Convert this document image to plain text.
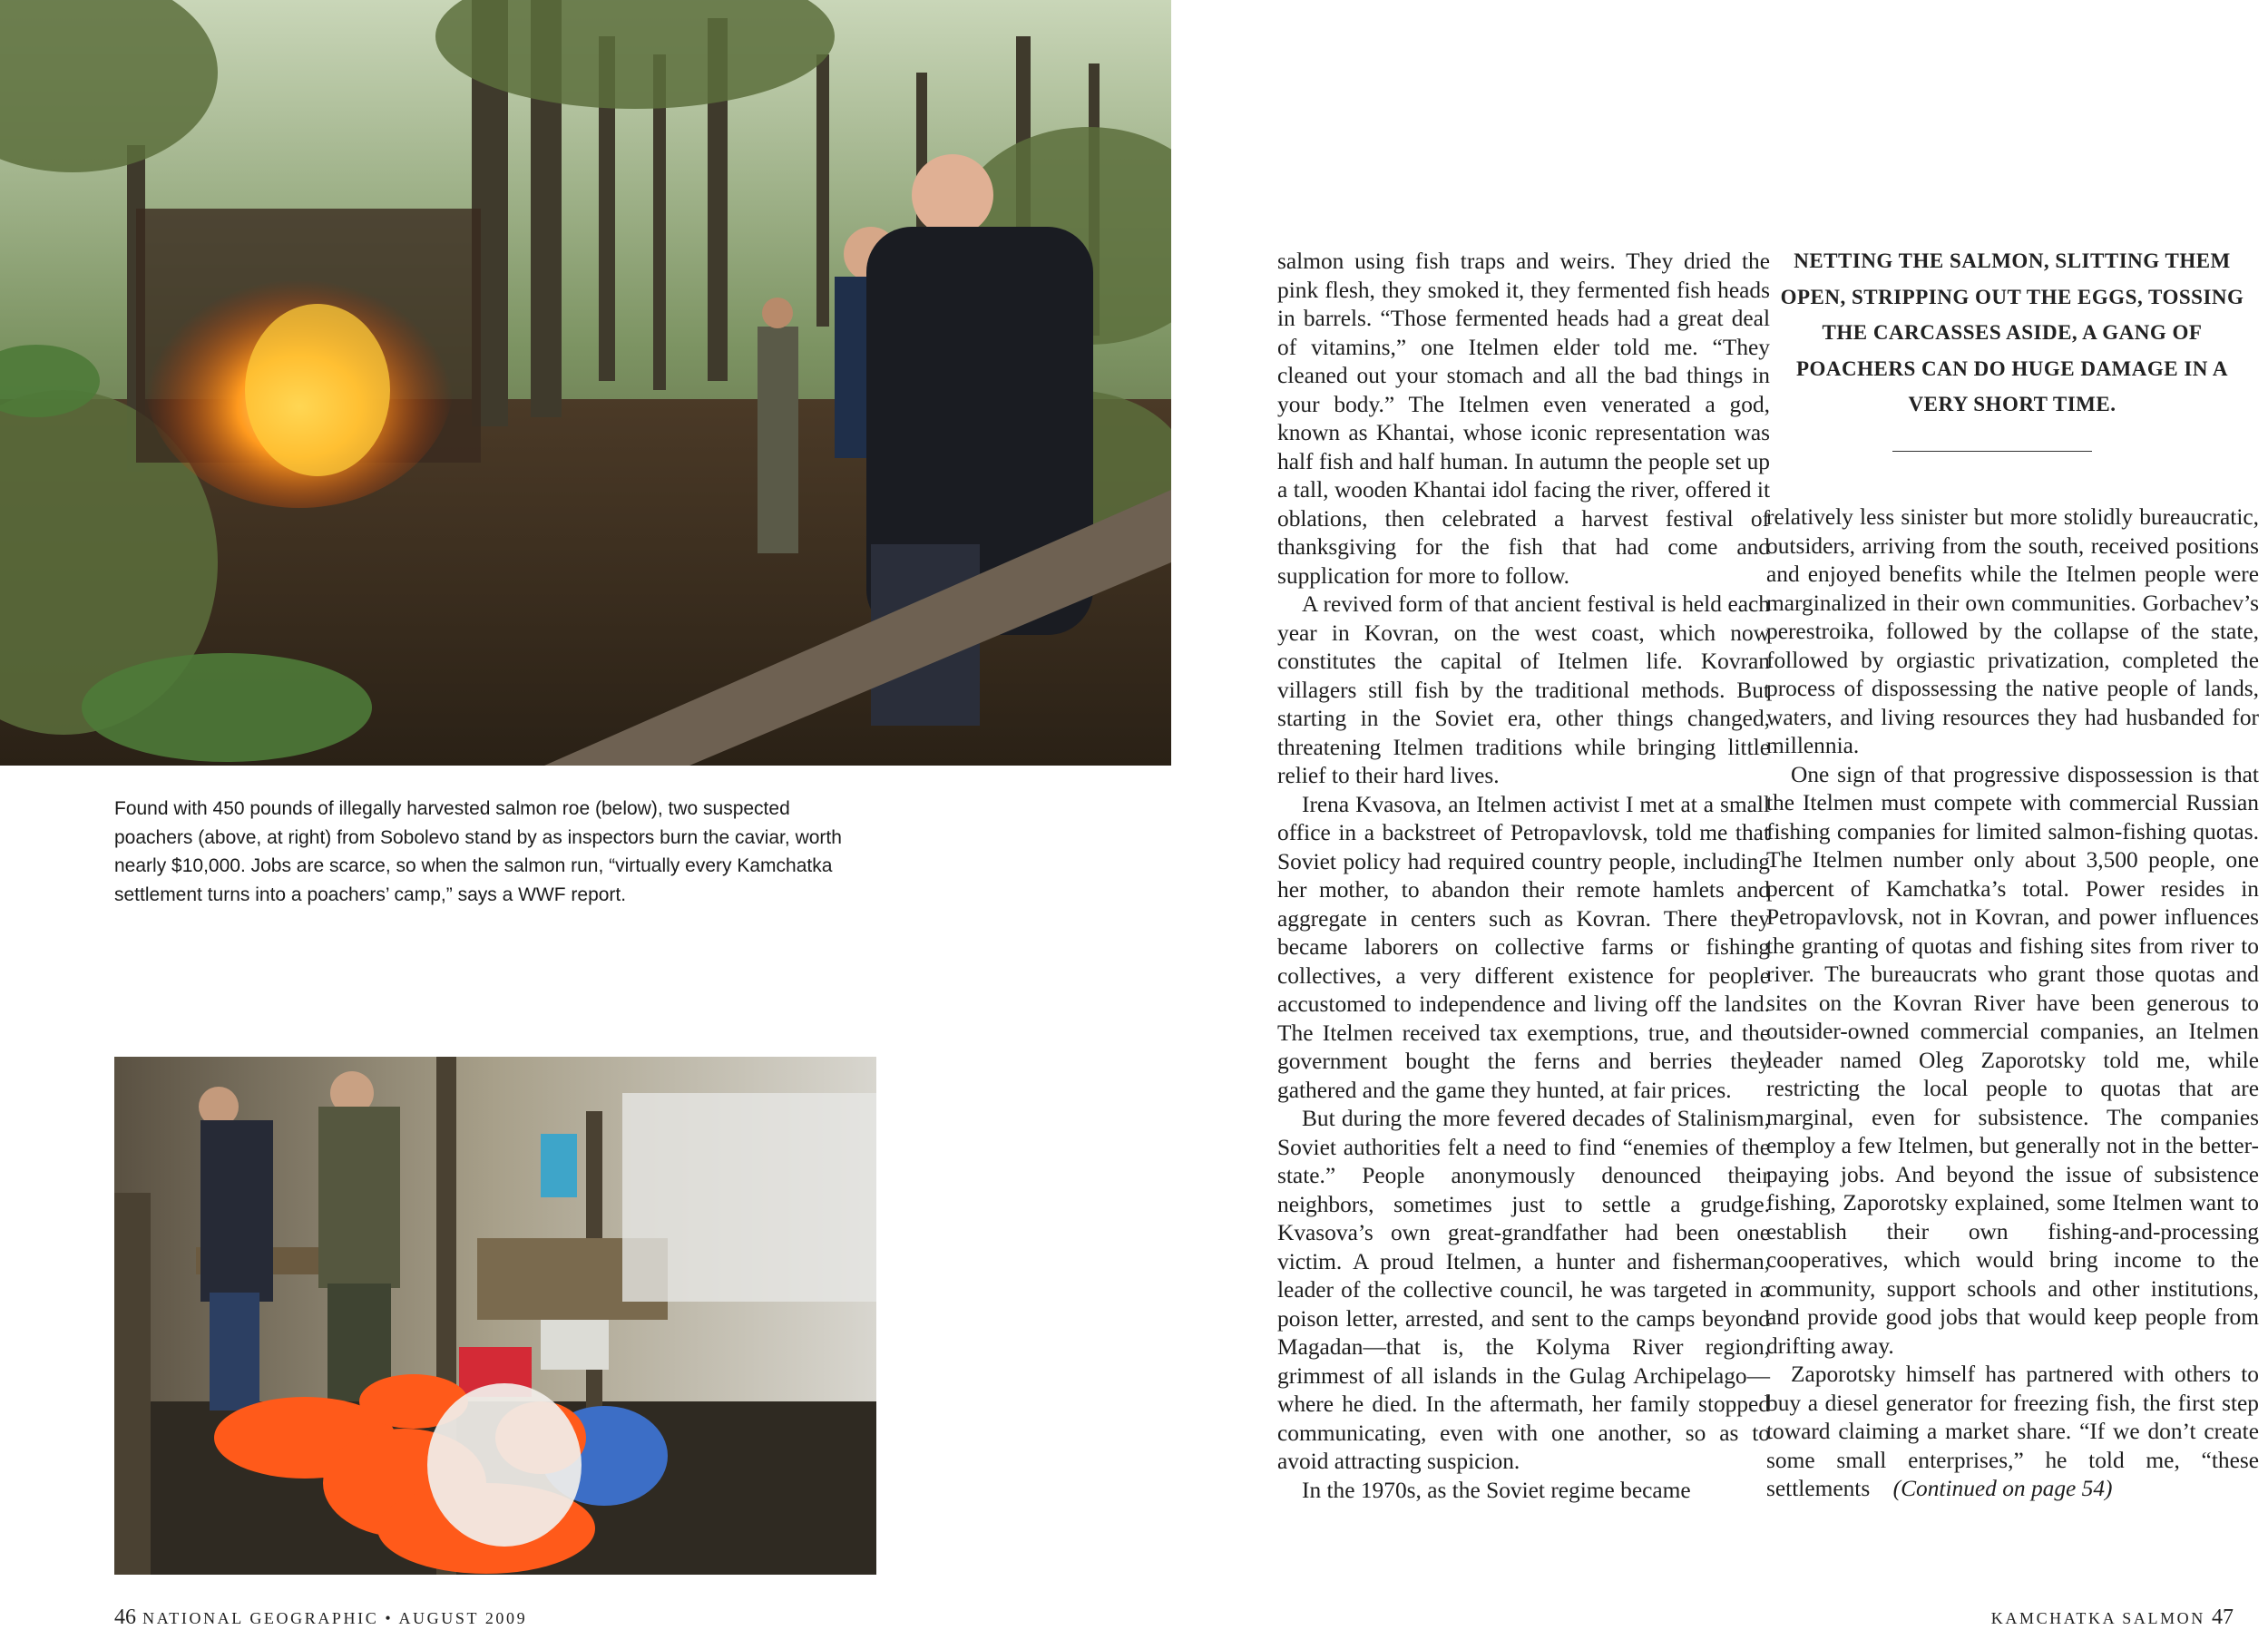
Found with 450 pounds of illegally harvested salmon roe (below), two suspected poachers (above, at right) from Sobolevo stand by as inspectors burn the caviar, worth nearly $10,000. Jobs are scarce, so when the salmon run, “virtually every Kamchatka settlement turns into a poachers’ camp,” says a WWF report.

salmon using fish traps and weirs. They dried the pink flesh, they smoked it, they fermented fish heads in barrels. “Those fermented heads had a great deal of vitamins,” one Itelmen elder told me. “They cleaned out your stomach and all the bad things in your body.” The Itelmen even venerated a god, known as Khantai, whose iconic representation was half fish and half human. In autumn the people set up a tall, wooden Khantai idol facing the river, offered it oblations, then celebrated a harvest festival of thanksgiving for the fish that had come and supplication for more to follow.

A revived form of that ancient festival is held each year in Kovran, on the west coast, which now constitutes the capital of Itelmen life. Kovran villagers still fish by the traditional methods. But starting in the Soviet era, other things changed, threatening Itelmen traditions while bringing little relief to their hard lives.

Irena Kvasova, an Itelmen activist I met at a small office in a backstreet of Petropavlovsk, told me that Soviet policy had required country people, including her mother, to abandon their remote hamlets and aggregate in centers such as Kovran. There they became laborers on collective farms or fishing collectives, a very different existence for people accustomed to independence and living off the land. The Itelmen received tax exemptions, true, and the government bought the ferns and berries they gathered and the game they hunted, at fair prices.

But during the more fevered decades of Stalinism, Soviet authorities felt a need to find “enemies of the state.” People anonymously denounced their neighbors, sometimes just to settle a grudge. Kvasova’s own great-grandfather had been one victim. A proud Itelmen, a hunter and fisherman, leader of the collective council, he was targeted in a poison letter, arrested, and sent to the camps beyond Magadan—that is, the Kolyma River region, grimmest of all islands in the Gulag Archipelago—where he died. In the aftermath, her family stopped communicating, even with one another, so as to avoid attracting suspicion.

In the 1970s, as the Soviet regime became

NETTING THE SALMON, SLITTING THEM OPEN, STRIPPING OUT THE EGGS, TOSSING THE CARCASSES ASIDE, A GANG OF POACHERS CAN DO HUGE DAMAGE IN A VERY SHORT TIME.

relatively less sinister but more stolidly bureaucratic, outsiders, arriving from the south, received positions and enjoyed benefits while the Itelmen people were marginalized in their own communities. Gorbachev’s perestroika, followed by the collapse of the state, followed by orgiastic privatization, completed the process of dispossessing the native people of lands, waters, and living resources they had husbanded for millennia.

One sign of that progressive dispossession is that the Itelmen must compete with commercial Russian fishing companies for limited salmon-fishing quotas. The Itelmen number only about 3,500 people, one percent of Kamchatka’s total. Power resides in Petropavlovsk, not in Kovran, and power influences the granting of quotas and fishing sites from river to river. The bureaucrats who grant those quotas and sites on the Kovran River have been generous to outsider-owned commercial companies, an Itelmen leader named Oleg Zaporotsky told me, while restricting the local people to quotas that are marginal, even for subsistence. The companies employ a few Itelmen, but generally not in the better-paying jobs. And beyond the issue of subsistence fishing, Zaporotsky explained, some Itelmen want to establish their own fishing-and-processing cooperatives, which would bring income to the community, support schools and other institutions, and provide good jobs that would keep people from drifting away.

Zaporotsky himself has partnered with others to buy a diesel generator for freezing fish, the first step toward claiming a market share. “If we don’t create some small enterprises,” he told me, “these settlements (Continued on page 54)

46 NATIONAL GEOGRAPHIC • AUGUST 2009	KAMCHATKA SALMON 47
